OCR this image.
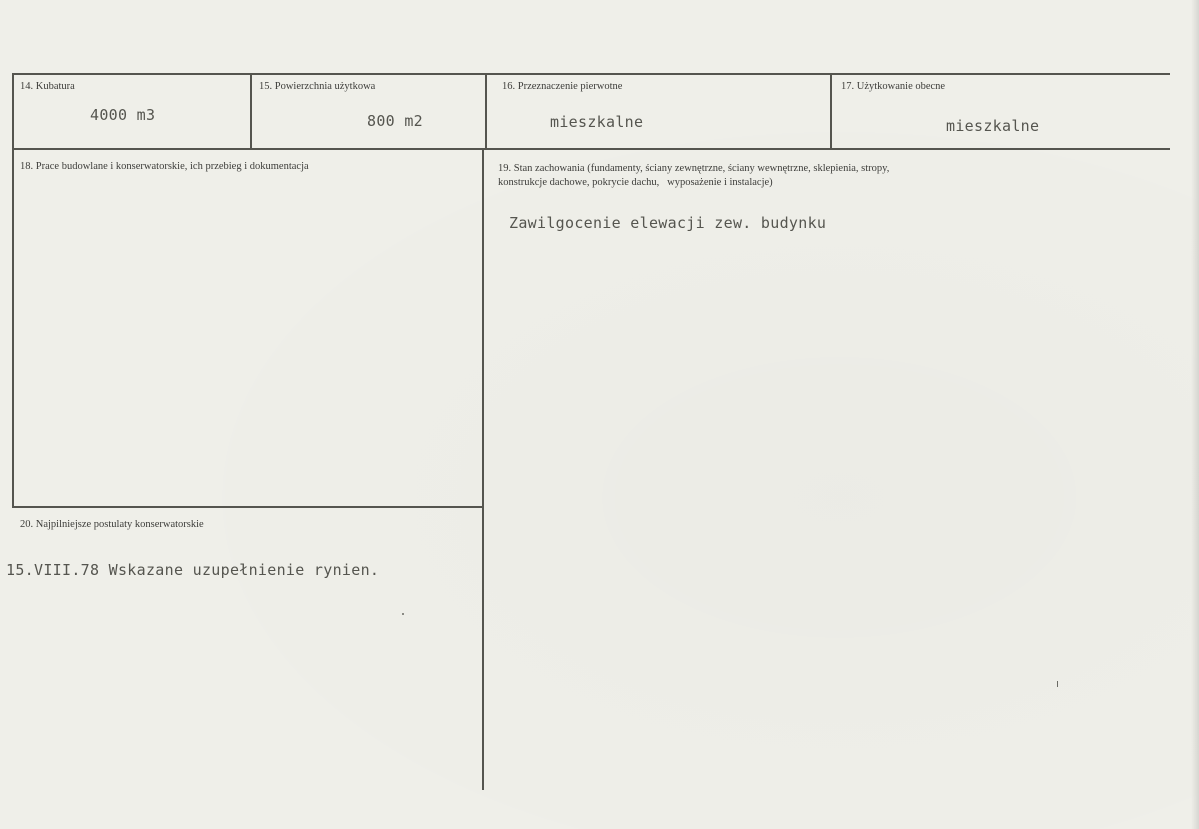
14. Kubatura
4000 m3
15. Powierzchnia użytkowa
800 m2
16. Przeznaczenie pierwotne
mieszkalne
17. Użytkowanie obecne
mieszkalne
18. Prace budowlane i konserwatorskie, ich przebieg i dokumentacja	19. Stan zachowania (fundamenty, ściany zewnętrzne, ściany wewnętrzne, sklepienia, stropy,
konstrukcje dachowe, pokrycie dachu,   wyposażenie i instalacje)
Zawilgocenie elewacji zew. budynku
20. Najpilniejsze postulaty konserwatorskie
15.VIII.78 Wskazane uzupełnienie rynien.
